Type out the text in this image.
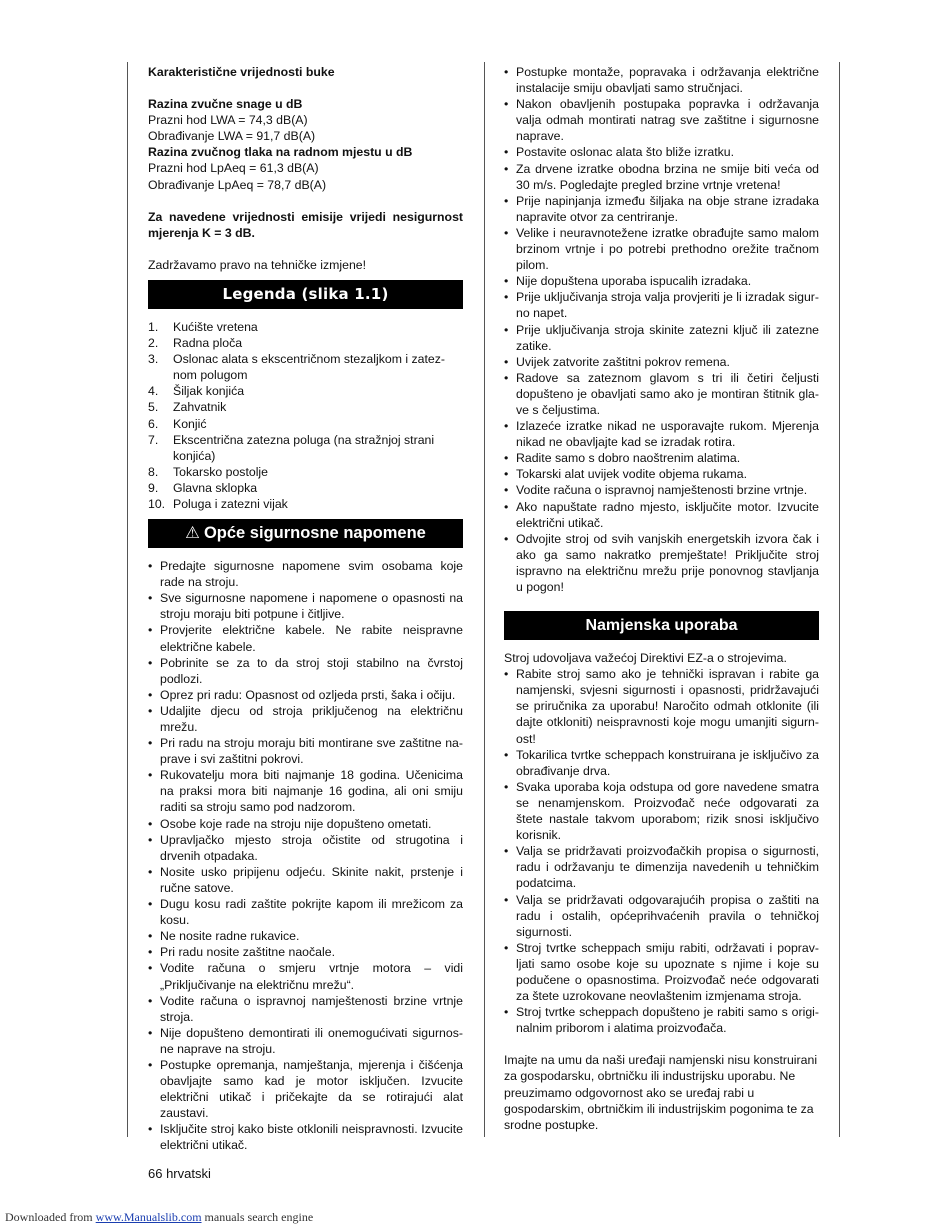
Karakteristične vrijednosti buke

Razina zvučne snage u dB

Prazni hod LWA = 74,3 dB(A)

Obrađivanje LWA = 91,7 dB(A)

Razina zvučnog tlaka na radnom mjestu u dB

Prazni hod LpAeq = 61,3 dB(A)

Obrađivanje LpAeq = 78,7 dB(A)

Za navedene vrijednosti emisije vrijedi nesigurnost mjerenja K = 3 dB.

Zadržavamo pravo na tehničke izmjene!

Legenda (slika 1.1)
1. Kućište vretena
2. Radna ploča
3. Oslonac alata s ekscentričnom stezaljkom i zateznom polugom
4. Šiljak konjića
5. Zahvatnik
6. Konjić
7. Ekscentrična zatezna poluga (na stražnjoj strani konjića)
8. Tokarsko postolje
9. Glavna sklopka
10. Poluga i zatezni vijak
⚠ Opće sigurnosne napomene
• Predajte sigurnosne napomene svim osobama koje rade na stroju.
• Sve sigurnosne napomene i napomene o opasnosti na stroju moraju biti potpune i čitljive.
• Provjerite električne kabele. Ne rabite neispravne električne kabele.
• Pobrinite se za to da stroj stoji stabilno na čvrstoj podlozi.
• Oprez pri radu: Opasnost od ozljeda prsti, šaka i očiju.
• Udaljite djecu od stroja priključenog na električnu mrežu.
• Pri radu na stroju moraju biti montirane sve zaštitne naprave i svi zaštitni pokrovi.
• Rukovatelju mora biti najmanje 18 godina. Učenicima na praksi mora biti najmanje 16 godina, ali oni smiju raditi sa stroju samo pod nadzorom.
• Osobe koje rade na stroju nije dopušteno ometati.
• Upravljačko mjesto stroja očistite od strugotina i drvenih otpadaka.
• Nosite usko pripijenu odjeću. Skinite nakit, prstenje i ručne satove.
• Dugu kosu radi zaštite pokrijte kapom ili mrežicom za kosu.
• Ne nosite radne rukavice.
• Pri radu nosite zaštitne naočale.
• Vodite računa o smjeru vrtnje motora – vidi „Priključivanje na električnu mrežu“.
• Vodite računa o ispravnoj namještenosti brzine vrtnje stroja.
• Nije dopušteno demontirati ili onemogućivati sigurnosne naprave na stroju.
• Postupke opremanja, namještanja, mjerenja i čišćenja obavljajte samo kad je motor isključen. Izvucite električni utikač i pričekajte da se rotirajući alat zaustavi.
• Isključite stroj kako biste otklonili neispravnosti. Izvucite električni utikač.
• Postupke montaže, popravaka i održavanja električne instalacije smiju obavljati samo stručnjaci.
• Nakon obavljenih postupaka popravka i održavanja valja odmah montirati natrag sve zaštitne i sigurnosne naprave.
• Postavite oslonac alata što bliže izratku.
• Za drvene izratke obodna brzina ne smije biti veća od 30 m/s. Pogledajte pregled brzine vrtnje vretena!
• Prije napinjanja između šiljaka na obje strane izradaka napravite otvor za centriranje.
• Velike i neuravnotežene izratke obrađujte samo malom brzinom vrtnje i po potrebi prethodno orežite tračnom pilom.
• Nije dopuštena uporaba ispucalih izradaka.
• Prije uključivanja stroja valja provjeriti je li izradak sigurno napet.
• Prije uključivanja stroja skinite zatezni ključ ili zatezne zatike.
• Uvijek zatvorite zaštitni pokrov remena.
• Radove sa zateznom glavom s tri ili četiri čeljusti dopušteno je obavljati samo ako je montiran štitnik glave s čeljustima.
• Izlazeće izratke nikad ne usporavajte rukom. Mjerenja nikad ne obavljajte kad se izradak rotira.
• Radite samo s dobro naoštrenim alatima.
• Tokarski alat uvijek vodite objema rukama.
• Vodite računa o ispravnoj namještenosti brzine vrtnje.
• Ako napuštate radno mjesto, isključite motor. Izvucite električni utikač.
• Odvojite stroj od svih vanjskih energetskih izvora čak i ako ga samo nakratko premještate! Priključite stroj ispravno na električnu mrežu prije ponovnog stavljanja u pogon!
Namjenska uporaba

Stroj udovoljava važećoj Direktivi EZ-a o strojevima.

• Rabite stroj samo ako je tehnički ispravan i rabite ga namjenski, svjesni sigurnosti i opasnosti, pridržavajući se priručnika za uporabu! Naročito odmah otklonite (ili dajte otkloniti) neispravnosti koje mogu umanjiti sigurnost!
• Tokarilica tvrtke scheppach konstruirana je isključivo za obrađivanje drva.
• Svaka uporaba koja odstupa od gore navedene smatra se nenamjenskom. Proizvođač neće odgovarati za štete nastale takvom uporabom; rizik snosi isključivo korisnik.
• Valja se pridržavati proizvođačkih propisa o sigurnosti, radu i održavanju te dimenzija navedenih u tehničkim podatcima.
• Valja se pridržavati odgovarajućih propisa o zaštiti na radu i ostalih, općeprihvaćenih pravila o tehničkoj sigurnosti.
• Stroj tvrtke scheppach smiju rabiti, održavati i popravljati samo osobe koje su upoznate s njime i koje su podučene o opasnostima. Proizvođač neće odgovarati za štete uzrokovane neovlaštenim izmjenama stroja.
• Stroj tvrtke scheppach dopušteno je rabiti samo s originalnim priborom i alatima proizvođača.

Imajte na umu da naši uređaji namjenski nisu konstruirani za gospodarsku, obrtničku ili industrijsku uporabu. Ne preuzimamo odgovornost ako se uređaj rabi u gospodarskim, obrtničkim ili industrijskim pogonima te za srodne postupke.

66 hrvatski
Downloaded from www.Manualslib.com manuals search engine
